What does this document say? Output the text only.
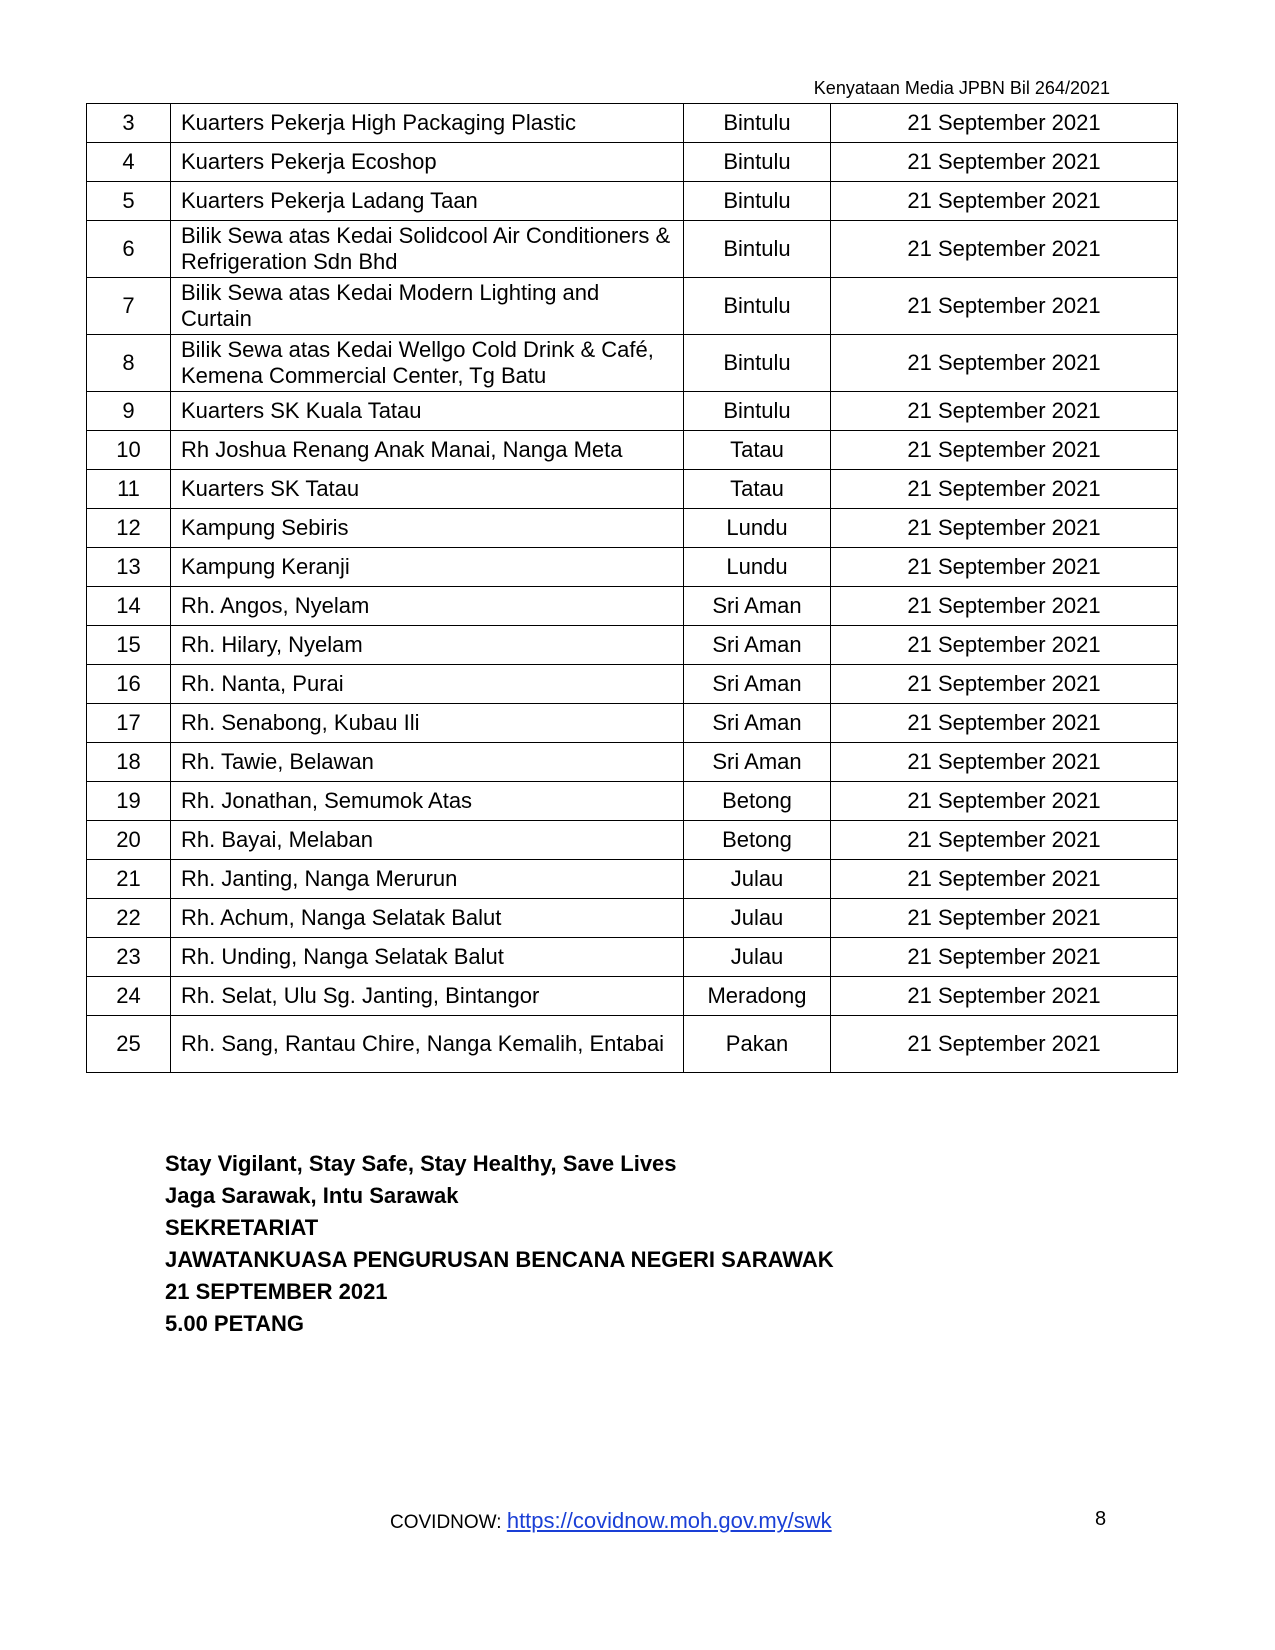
Kenyataan Media JPBN Bil 264/2021
3	Kuarters Pekerja High Packaging Plastic	Bintulu	21 September 2021
4	Kuarters Pekerja Ecoshop	Bintulu	21 September 2021
5	Kuarters Pekerja Ladang Taan	Bintulu	21 September 2021
6	Bilik Sewa atas Kedai Solidcool Air Conditioners & Refrigeration Sdn Bhd	Bintulu	21 September 2021
7	Bilik Sewa atas Kedai Modern Lighting and Curtain	Bintulu	21 September 2021
8	Bilik Sewa atas Kedai Wellgo Cold Drink & Café, Kemena Commercial Center, Tg Batu	Bintulu	21 September 2021
9	Kuarters SK Kuala Tatau	Bintulu	21 September 2021
10	Rh Joshua Renang Anak Manai, Nanga Meta	Tatau	21 September 2021
11	Kuarters SK Tatau	Tatau	21 September 2021
12	Kampung Sebiris	Lundu	21 September 2021
13	Kampung Keranji	Lundu	21 September 2021
14	Rh. Angos, Nyelam	Sri Aman	21 September 2021
15	Rh. Hilary, Nyelam	Sri Aman	21 September 2021
16	Rh. Nanta, Purai	Sri Aman	21 September 2021
17	Rh. Senabong, Kubau Ili	Sri Aman	21 September 2021
18	Rh. Tawie, Belawan	Sri Aman	21 September 2021
19	Rh. Jonathan, Semumok Atas	Betong	21 September 2021
20	Rh. Bayai, Melaban	Betong	21 September 2021
21	Rh. Janting, Nanga Merurun	Julau	21 September 2021
22	Rh. Achum, Nanga Selatak Balut	Julau	21 September 2021
23	Rh. Unding, Nanga Selatak Balut	Julau	21 September 2021
24	Rh. Selat, Ulu Sg. Janting, Bintangor	Meradong	21 September 2021
25	Rh. Sang, Rantau Chire, Nanga Kemalih, Entabai	Pakan	21 September 2021
Stay Vigilant, Stay Safe, Stay Healthy, Save Lives
Jaga Sarawak, Intu Sarawak
SEKRETARIAT
JAWATANKUASA PENGURUSAN BENCANA NEGERI SARAWAK
21 SEPTEMBER 2021
5.00 PETANG
COVIDNOW: https://covidnow.moh.gov.my/swk	8
